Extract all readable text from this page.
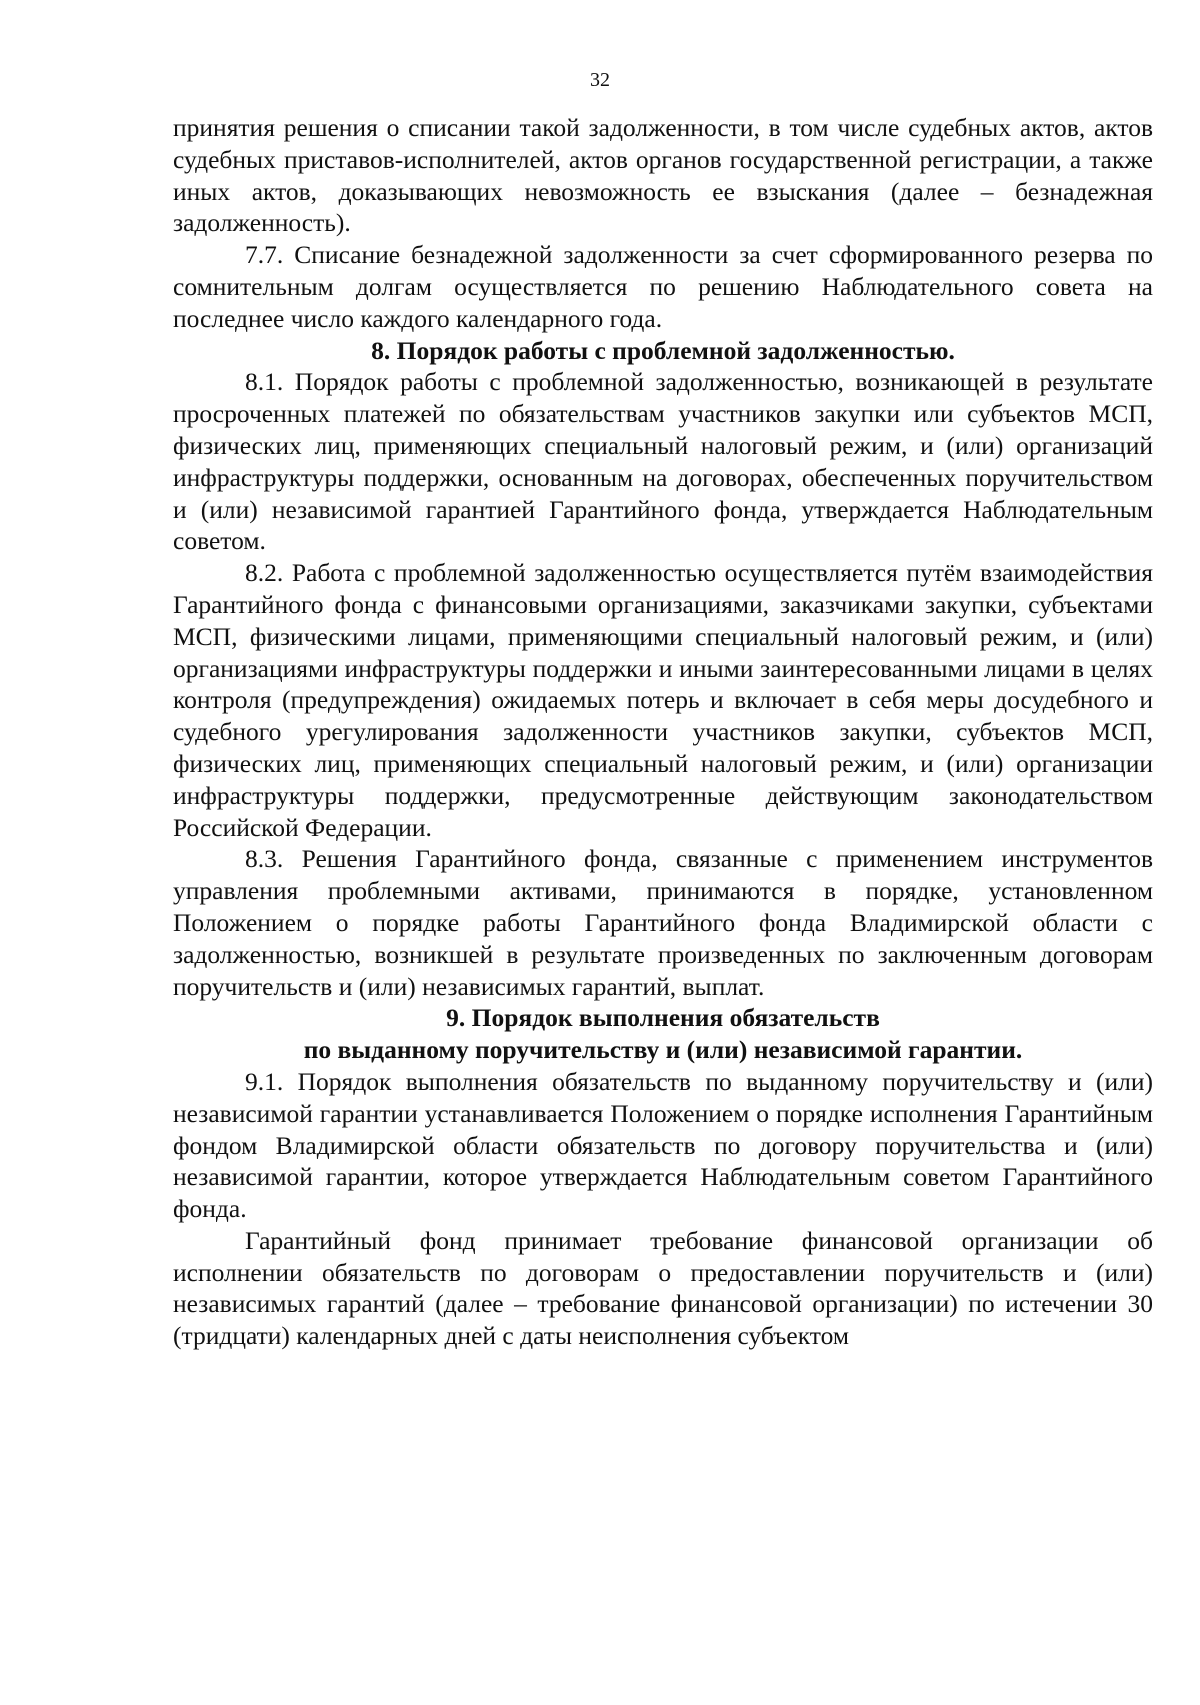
32

принятия решения о списании такой задолженности, в том числе судебных актов, актов судебных приставов-исполнителей, актов органов государственной регистрации, а также иных актов, доказывающих невозможность ее взыскания (далее – безнадежная задолженность).

7.7. Списание безнадежной задолженности за счет сформированного резерва по сомнительным долгам осуществляется по решению Наблюдательного совета на последнее число каждого календарного года.

8. Порядок работы с проблемной задолженностью.

8.1. Порядок работы с проблемной задолженностью, возникающей в результате просроченных платежей по обязательствам участников закупки или субъектов МСП, физических лиц, применяющих специальный налоговый режим, и (или) организаций инфраструктуры поддержки, основанным на договорах, обеспеченных поручительством и (или) независимой гарантией Гарантийного фонда, утверждается Наблюдательным советом.

8.2. Работа с проблемной задолженностью осуществляется путём взаимодействия Гарантийного фонда с финансовыми организациями, заказчиками закупки, субъектами МСП, физическими лицами, применяющими специальный налоговый режим, и (или) организациями инфраструктуры поддержки и иными заинтересованными лицами в целях контроля (предупреждения) ожидаемых потерь и включает в себя меры досудебного и судебного урегулирования задолженности участников закупки, субъектов МСП, физических лиц, применяющих специальный налоговый режим, и (или) организации инфраструктуры поддержки, предусмотренные действующим законодательством Российской Федерации.

8.3. Решения Гарантийного фонда, связанные с применением инструментов управления проблемными активами, принимаются в порядке, установленном Положением о порядке работы Гарантийного фонда Владимирской области с задолженностью, возникшей в результате произведенных по заключенным договорам поручительств и (или) независимых гарантий, выплат.

9. Порядок выполнения обязательств
по выданному поручительству и (или) независимой гарантии.

9.1. Порядок выполнения обязательств по выданному поручительству и (или) независимой гарантии устанавливается Положением о порядке исполнения Гарантийным фондом Владимирской области обязательств по договору поручительства и (или) независимой гарантии, которое утверждается Наблюдательным советом Гарантийного фонда.

Гарантийный фонд принимает требование финансовой организации об исполнении обязательств по договорам о предоставлении поручительств и (или) независимых гарантий (далее – требование финансовой организации) по истечении 30 (тридцати) календарных дней с даты неисполнения субъектом
